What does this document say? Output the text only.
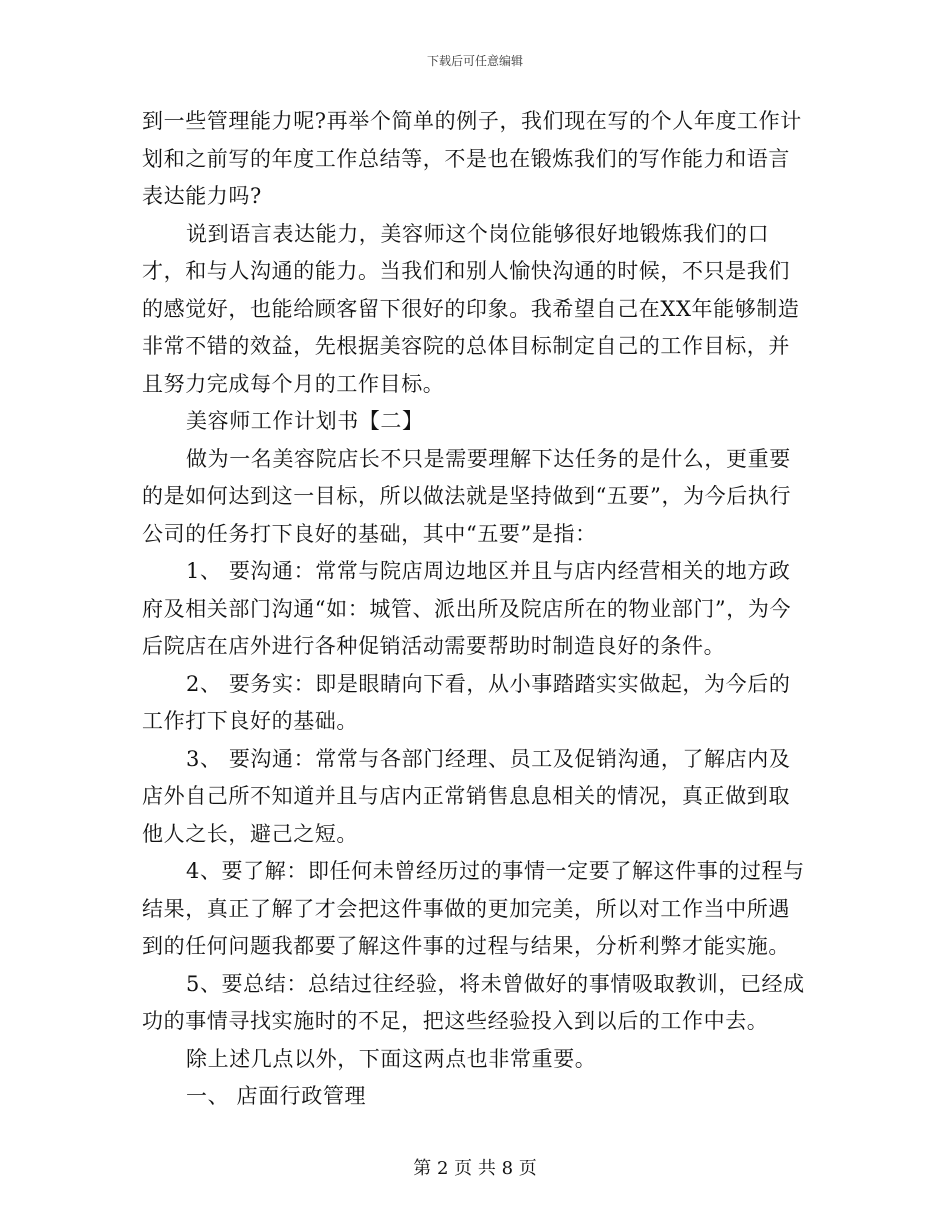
下载后可任意编辑

到一些管理能力呢?再举个简单的例子，我们现在写的个人年度工作计划和之前写的年度工作总结等，不是也在锻炼我们的写作能力和语言表达能力吗?

说到语言表达能力，美容师这个岗位能够很好地锻炼我们的口才，和与人沟通的能力。当我们和别人愉快沟通的时候，不只是我们的感觉好，也能给顾客留下很好的印象。我希望自己在XX年能够制造非常不错的效益，先根据美容院的总体目标制定自己的工作目标，并且努力完成每个月的工作目标。

美容师工作计划书【二】

做为一名美容院店长不只是需要理解下达任务的是什么，更重要的是如何达到这一目标，所以做法就是坚持做到“五要”，为今后执行公司的任务打下良好的基础，其中“五要”是指：

1、 要沟通：常常与院店周边地区并且与店内经营相关的地方政府及相关部门沟通“如：城管、派出所及院店所在的物业部门”，为今后院店在店外进行各种促销活动需要帮助时制造良好的条件。

2、 要务实：即是眼睛向下看，从小事踏踏实实做起，为今后的工作打下良好的基础。

3、 要沟通：常常与各部门经理、员工及促销沟通，了解店内及店外自己所不知道并且与店内正常销售息息相关的情况，真正做到取他人之长，避己之短。

4、要了解：即任何未曾经历过的事情一定要了解这件事的过程与结果，真正了解了才会把这件事做的更加完美，所以对工作当中所遇到的任何问题我都要了解这件事的过程与结果，分析利弊才能实施。

5、要总结：总结过往经验，将未曾做好的事情吸取教训，已经成功的事情寻找实施时的不足，把这些经验投入到以后的工作中去。

除上述几点以外，下面这两点也非常重要。

一、 店面行政管理

第 2 页 共 8 页
